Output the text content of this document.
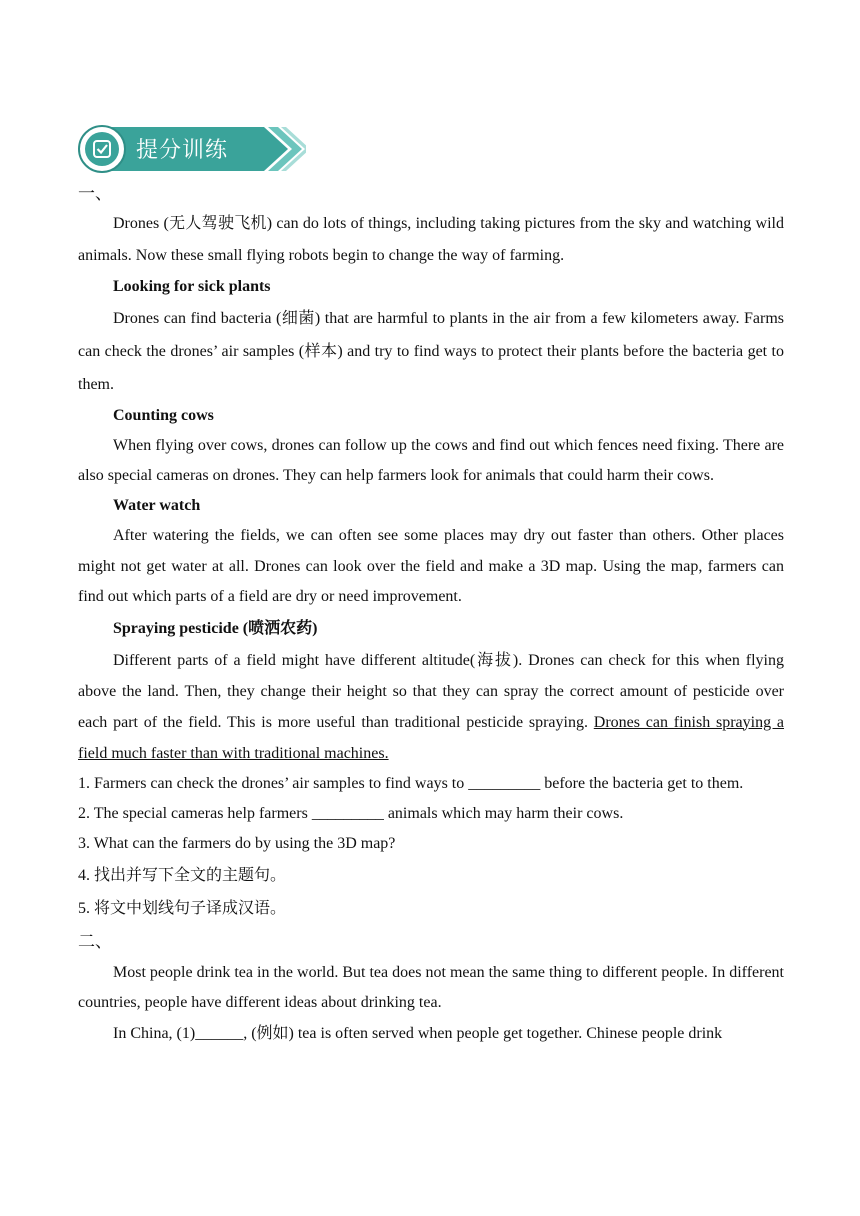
提分训练
一、

Drones (无人驾驶飞机) can do lots of things, including taking pictures from the sky and watching wild animals. Now these small flying robots begin to change the way of farming.

Looking for sick plants

Drones can find bacteria (细菌) that are harmful to plants in the air from a few kilometers away. Farms can check the drones’ air samples (样本) and try to find ways to protect their plants before the bacteria get to them.

Counting cows

When flying over cows, drones can follow up the cows and find out which fences need fixing. There are also special cameras on drones. They can help farmers look for animals that could harm their cows.

Water watch

After watering the fields, we can often see some places may dry out faster than others. Other places might not get water at all. Drones can look over the field and make a 3D map. Using the map, farmers can find out which parts of a field are dry or need improvement.

Spraying pesticide (喷洒农药)

Different parts of a field might have different altitude(海拔). Drones can check for this when flying above the land. Then, they change their height so that they can spray the correct amount of pesticide over each part of the field. This is more useful than traditional pesticide spraying. Drones can finish spraying a field much faster than with traditional machines.

1. Farmers can check the drones’ air samples to find ways to _________ before the bacteria get to them.

2. The special cameras help farmers _________ animals which may harm their cows.

3. What can the farmers do by using the 3D map?

4. 找出并写下全文的主题句。

5. 将文中划线句子译成汉语。

二、

Most people drink tea in the world. But tea does not mean the same thing to different people. In different countries, people have different ideas about drinking tea.

In China, (1)______, (例如) tea is often served when people get together. Chinese people drink
